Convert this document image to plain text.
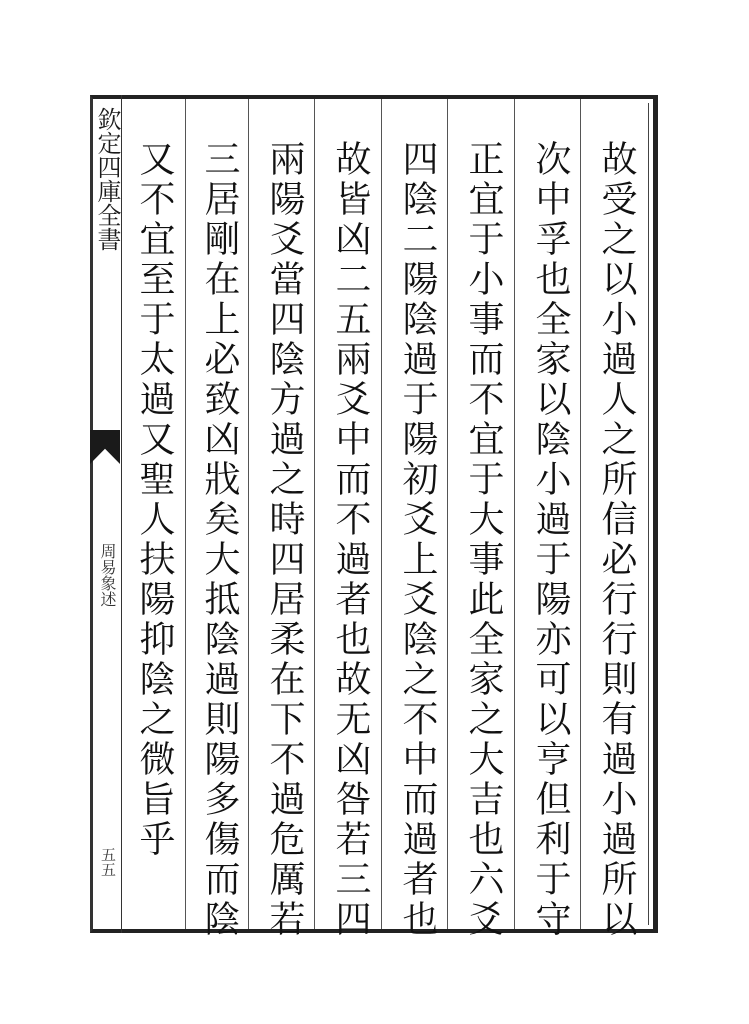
欽定四庫全書
周易象述
五五	故受之以小過人之所信必行行則有過小過所以
次中孚也全家以陰小過于陽亦可以亨但利于守
正宜于小事而不宜于大事此全家之大吉也六爻
四陰二陽陰過于陽初爻上爻陰之不中而過者也
故皆凶二五兩爻中而不過者也故无凶咎若三四
兩陽爻當四陰方過之時四居柔在下不過危厲若
三居剛在上必致凶戕矣大抵陰過則陽多傷而陰
又不宜至于太過又聖人扶陽抑陰之微旨乎
